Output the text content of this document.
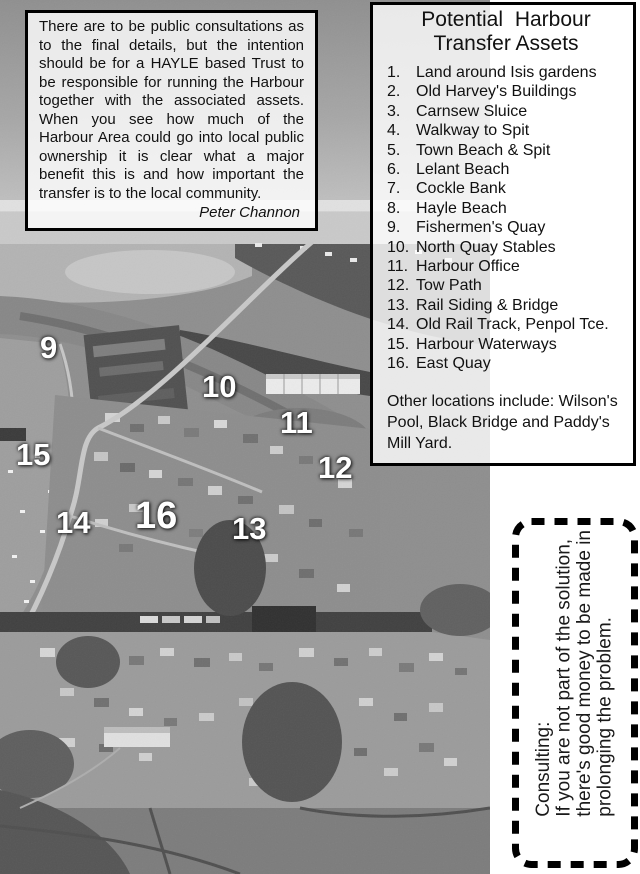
9
10
11
12
13
14
15
16

There are to be public consultations as to the final details, but the intention should be for a HAYLE based Trust to be responsible for running the Harbour together with the associated assets. When you see how much of the Harbour Area could go into local public ownership it is clear what a major benefit this is and how important the transfer is to the local community.

Peter Channon

Potential Harbour
Transfer Assets
1. Land around Isis gardens
2. Old Harvey's Buildings
3. Carnsew Sluice
4. Walkway to Spit
5. Town Beach & Spit
6. Lelant Beach
7. Cockle Bank
8. Hayle Beach
9. Fishermen's Quay
10. North Quay Stables
11. Harbour Office
12. Tow Path
13. Rail Siding & Bridge
14. Old Rail Track, Penpol Tce.
15. Harbour Waterways
16. East Quay

Other locations include: Wilson's Pool, Black Bridge and Paddy's Mill Yard.

Consulting: If you are not part of the solution, there's good money to be made in prolonging the problem.
